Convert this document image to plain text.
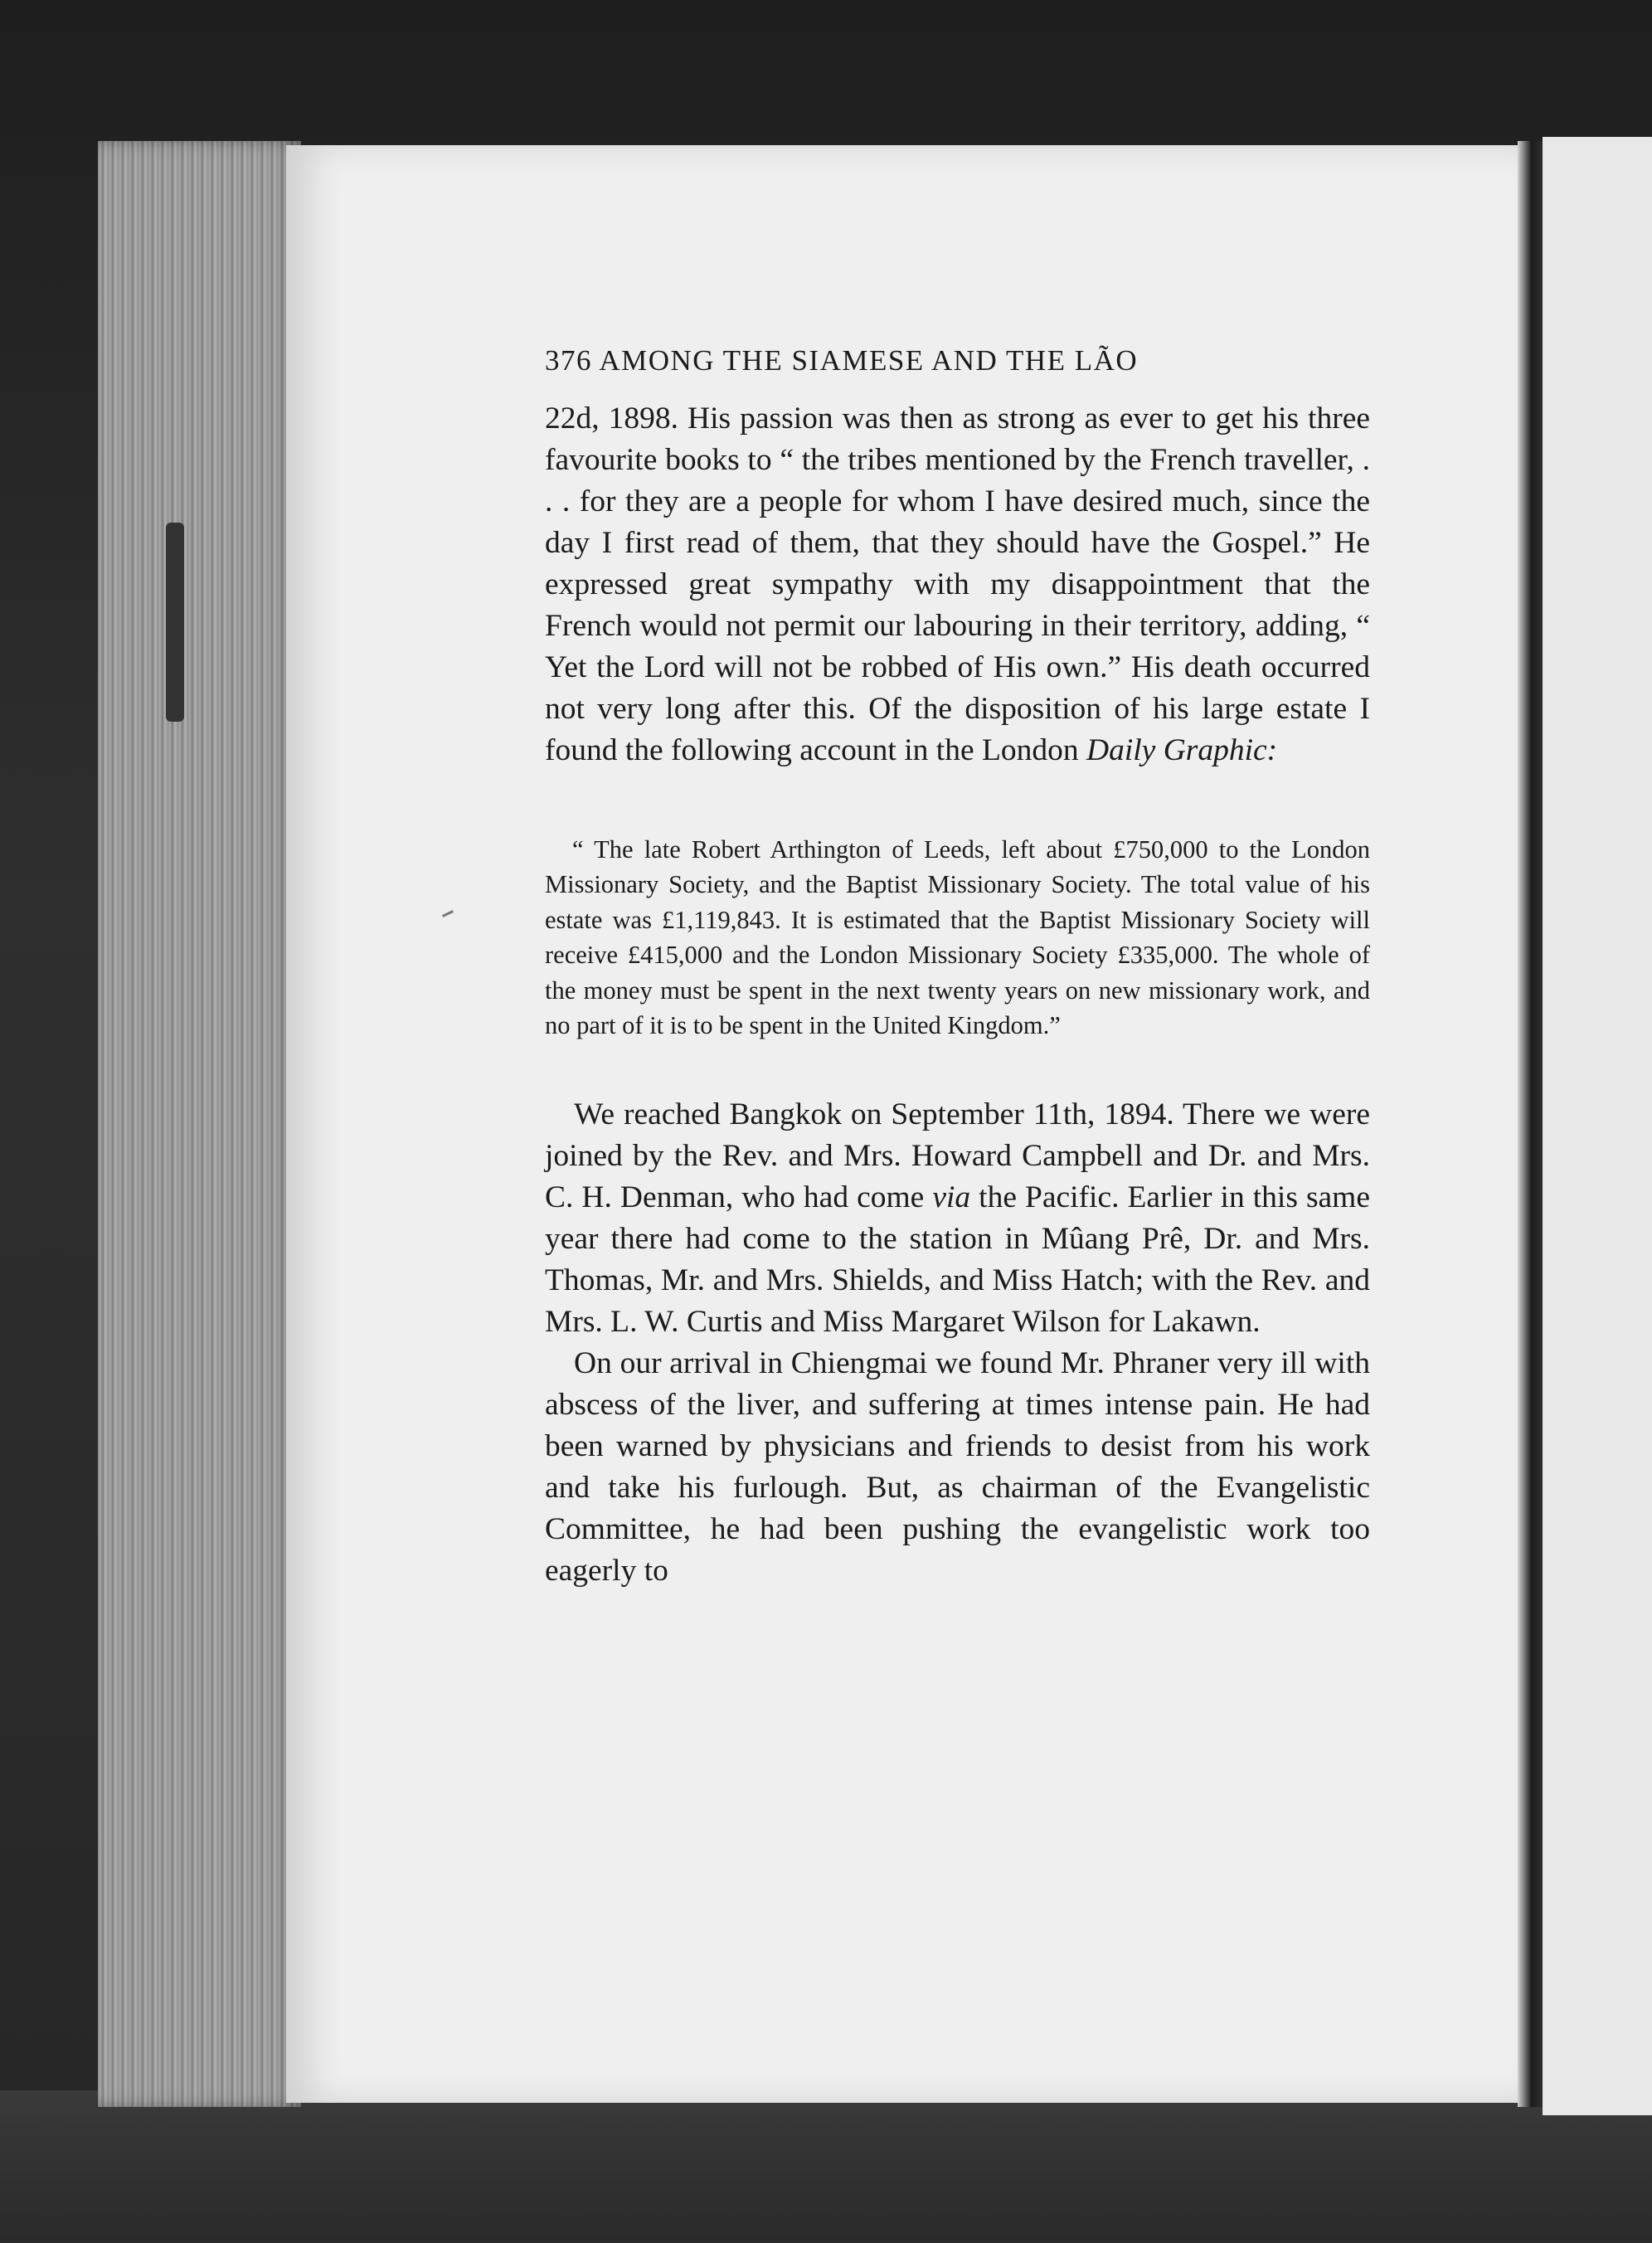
376 AMONG THE SIAMESE AND THE LÃO

22d, 1898. His passion was then as strong as ever to get his three favourite books to “ the tribes mentioned by the French traveller, . . . for they are a people for whom I have desired much, since the day I first read of them, that they should have the Gospel.” He expressed great sympathy with my disappointment that the French would not permit our labouring in their territory, adding, “ Yet the Lord will not be robbed of His own.” His death occurred not very long after this. Of the disposition of his large estate I found the following account in the London Daily Graphic:

“ The late Robert Arthington of Leeds, left about £750,000 to the London Missionary Society, and the Baptist Missionary Society. The total value of his estate was £1,119,843. It is estimated that the Baptist Missionary Society will receive £415,000 and the London Missionary Society £335,000. The whole of the money must be spent in the next twenty years on new missionary work, and no part of it is to be spent in the United Kingdom.”

We reached Bangkok on September 11th, 1894. There we were joined by the Rev. and Mrs. Howard Campbell and Dr. and Mrs. C. H. Denman, who had come via the Pacific. Earlier in this same year there had come to the station in Mûang Prê, Dr. and Mrs. Thomas, Mr. and Mrs. Shields, and Miss Hatch; with the Rev. and Mrs. L. W. Curtis and Miss Margaret Wilson for Lakawn.

On our arrival in Chiengmai we found Mr. Phraner very ill with abscess of the liver, and suffering at times intense pain. He had been warned by physicians and friends to desist from his work and take his furlough. But, as chairman of the Evangelistic Committee, he had been pushing the evangelistic work too eagerly to
